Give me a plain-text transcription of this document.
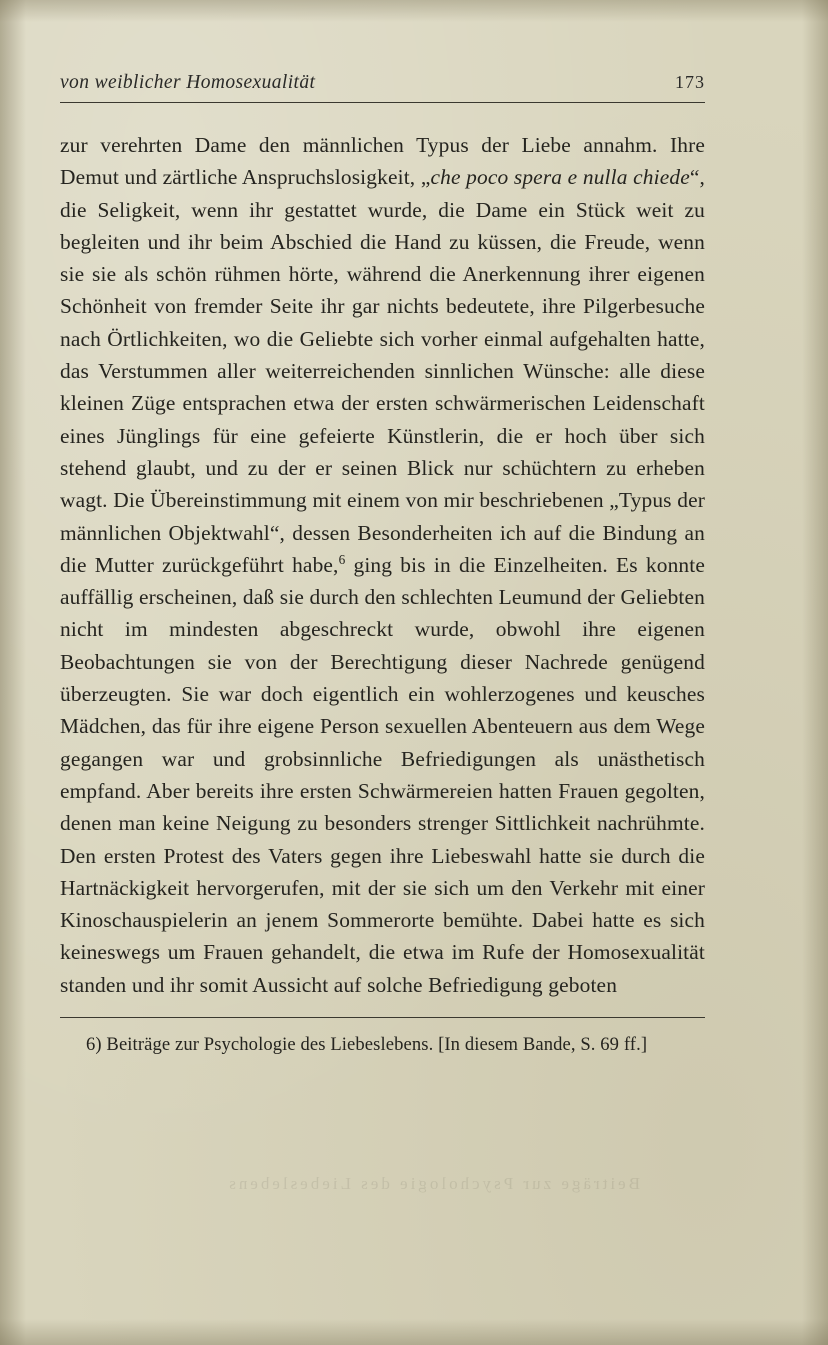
von weiblicher Homosexualität	173

zur verehrten Dame den männlichen Typus der Liebe annahm. Ihre Demut und zärtliche Anspruchslosigkeit, „che poco spera e nulla chiede“, die Seligkeit, wenn ihr gestattet wurde, die Dame ein Stück weit zu begleiten und ihr beim Abschied die Hand zu küssen, die Freude, wenn sie sie als schön rühmen hörte, während die Anerkennung ihrer eigenen Schönheit von fremder Seite ihr gar nichts bedeutete, ihre Pilgerbesuche nach Örtlichkeiten, wo die Geliebte sich vorher einmal aufgehalten hatte, das Verstummen aller weiterreichenden sinnlichen Wünsche: alle diese kleinen Züge entsprachen etwa der ersten schwärmerischen Leidenschaft eines Jünglings für eine gefeierte Künstlerin, die er hoch über sich stehend glaubt, und zu der er seinen Blick nur schüchtern zu erheben wagt. Die Übereinstimmung mit einem von mir beschriebenen „Typus der männlichen Objektwahl“, dessen Besonderheiten ich auf die Bindung an die Mutter zurückgeführt habe,$^6$ ging bis in die Einzelheiten. Es konnte auffällig erscheinen, daß sie durch den schlechten Leumund der Geliebten nicht im mindesten abgeschreckt wurde, obwohl ihre eigenen Beobachtungen sie von der Berechtigung dieser Nachrede genügend überzeugten. Sie war doch eigentlich ein wohlerzogenes und keusches Mädchen, das für ihre eigene Person sexuellen Abenteuern aus dem Wege gegangen war und grobsinnliche Befriedigungen als unästhetisch empfand. Aber bereits ihre ersten Schwärmereien hatten Frauen gegolten, denen man keine Neigung zu besonders strenger Sittlichkeit nachrühmte. Den ersten Protest des Vaters gegen ihre Liebeswahl hatte sie durch die Hartnäckigkeit hervorgerufen, mit der sie sich um den Verkehr mit einer Kinoschauspielerin an jenem Sommerorte bemühte. Dabei hatte es sich keineswegs um Frauen gehandelt, die etwa im Rufe der Homosexualität standen und ihr somit Aussicht auf solche Befriedigung geboten

6) Beiträge zur Psychologie des Liebeslebens. [In diesem Bande, S. 69 ff.]
Beiträge zur Psychologie des Liebeslebens
